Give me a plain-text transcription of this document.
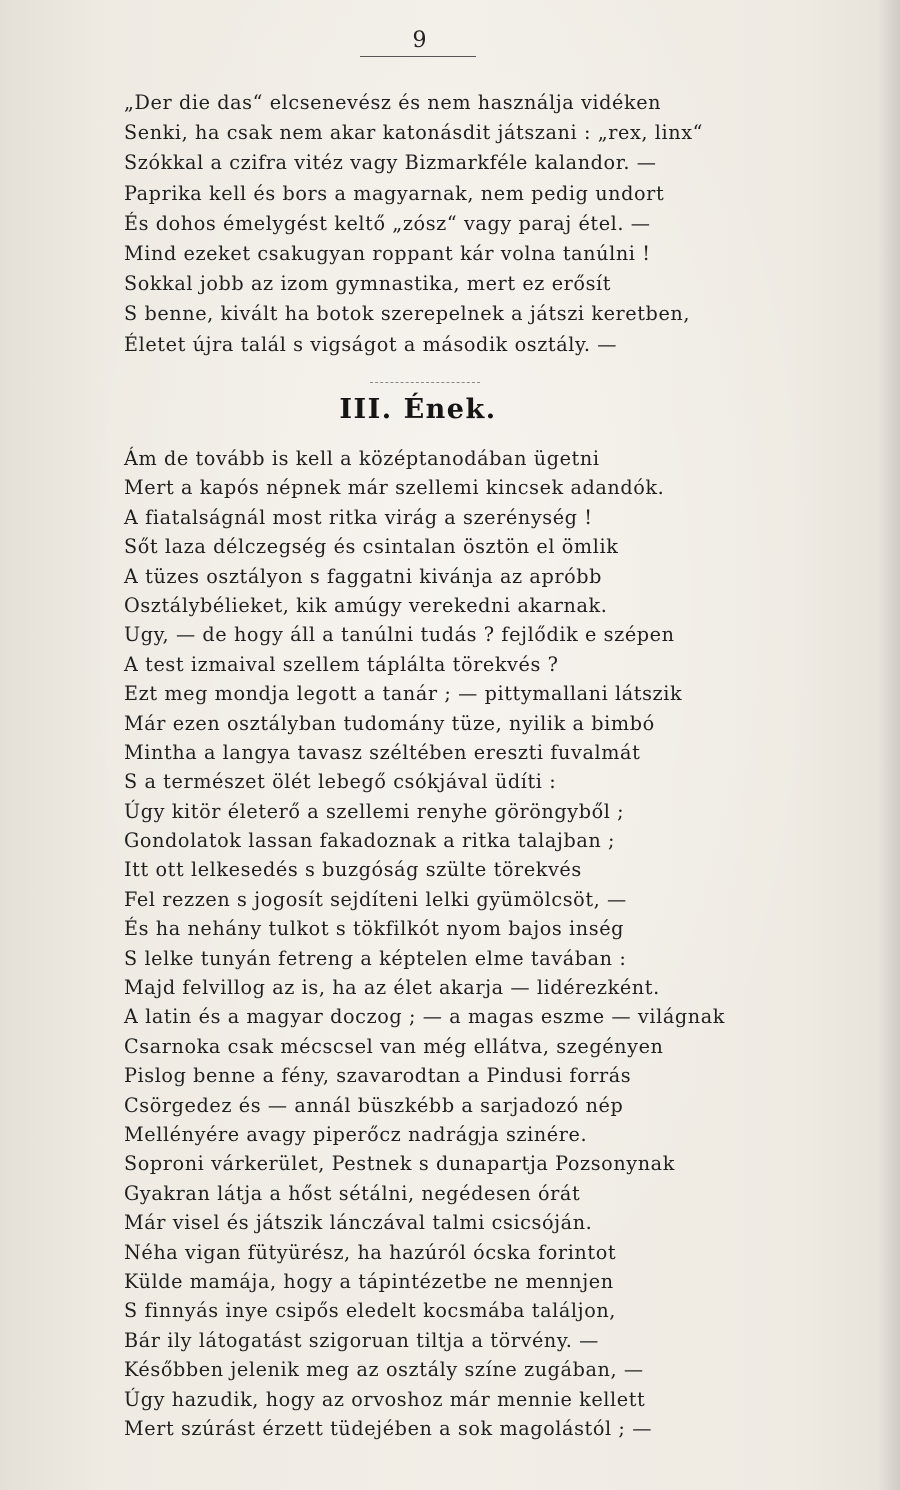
9
„Der die das“ elcsenevész és nem használja vidéken
Senki, ha csak nem akar katonásdit játszani : „rex, linx“
Szókkal a czifra vitéz vagy Bizmarkféle kalandor. —
Paprika kell és bors a magyarnak, nem pedig undort
És dohos émelygést keltő „zósz“ vagy paraj étel. —
Mind ezeket csakugyan roppant kár volna tanúlni !
Sokkal jobb az izom gymnastika, mert ez erősít
S benne, kivált ha botok szerepelnek a játszi keretben,
Életet újra talál s vigságot a második osztály. —
III. Ének.
Ám de tovább is kell a középtanodában ügetni
Mert a kapós népnek már szellemi kincsek adandók.
A fiatalságnál most ritka virág a szerénység !
Sőt laza délczegség és csintalan ösztön el ömlik
A tüzes osztályon s faggatni kivánja az apróbb
Osztálybélieket, kik amúgy verekedni akarnak.
Ugy, — de hogy áll a tanúlni tudás ? fejlődik e szépen
A test izmaival szellem táplálta törekvés ?
Ezt meg mondja legott a tanár ; — pittymallani látszik
Már ezen osztályban tudomány tüze, nyilik a bimbó
Mintha a langya tavasz széltében ereszti fuvalmát
S a természet ölét lebegő csókjával üdíti :
Úgy kitör életerő a szellemi renyhe göröngyből ;
Gondolatok lassan fakadoznak a ritka talajban ;
Itt ott lelkesedés s buzgóság szülte törekvés
Fel rezzen s jogosít sejdíteni lelki gyümölcsöt, —
És ha nehány tulkot s tökfilkót nyom bajos inség
S lelke tunyán fetreng a képtelen elme tavában :
Majd felvillog az is, ha az élet akarja — lidérezként.
A latin és a magyar doczog ; — a magas eszme — világnak
Csarnoka csak mécscsel van még ellátva, szegényen
Pislog benne a fény, szavarodtan a Pindusi forrás
Csörgedez és — annál büszkébb a sarjadozó nép
Mellényére avagy piperőcz nadrágja szinére.
Soproni várkerület, Pestnek s dunapartja Pozsonynak
Gyakran látja a hőst sétálni, negédesen órát
Már visel és játszik lánczával talmi csicsóján.
Néha vigan fütyürész, ha hazúról ócska forintot
Külde mamája, hogy a tápintézetbe ne mennjen
S finnyás inye csipős eledelt kocsmába találjon,
Bár ily látogatást szigoruan tiltja a törvény. —
Későbben jelenik meg az osztály színe zugában, —
Úgy hazudik, hogy az orvoshoz már mennie kellett
Mert szúrást érzett tüdejében a sok magolástól ; —
